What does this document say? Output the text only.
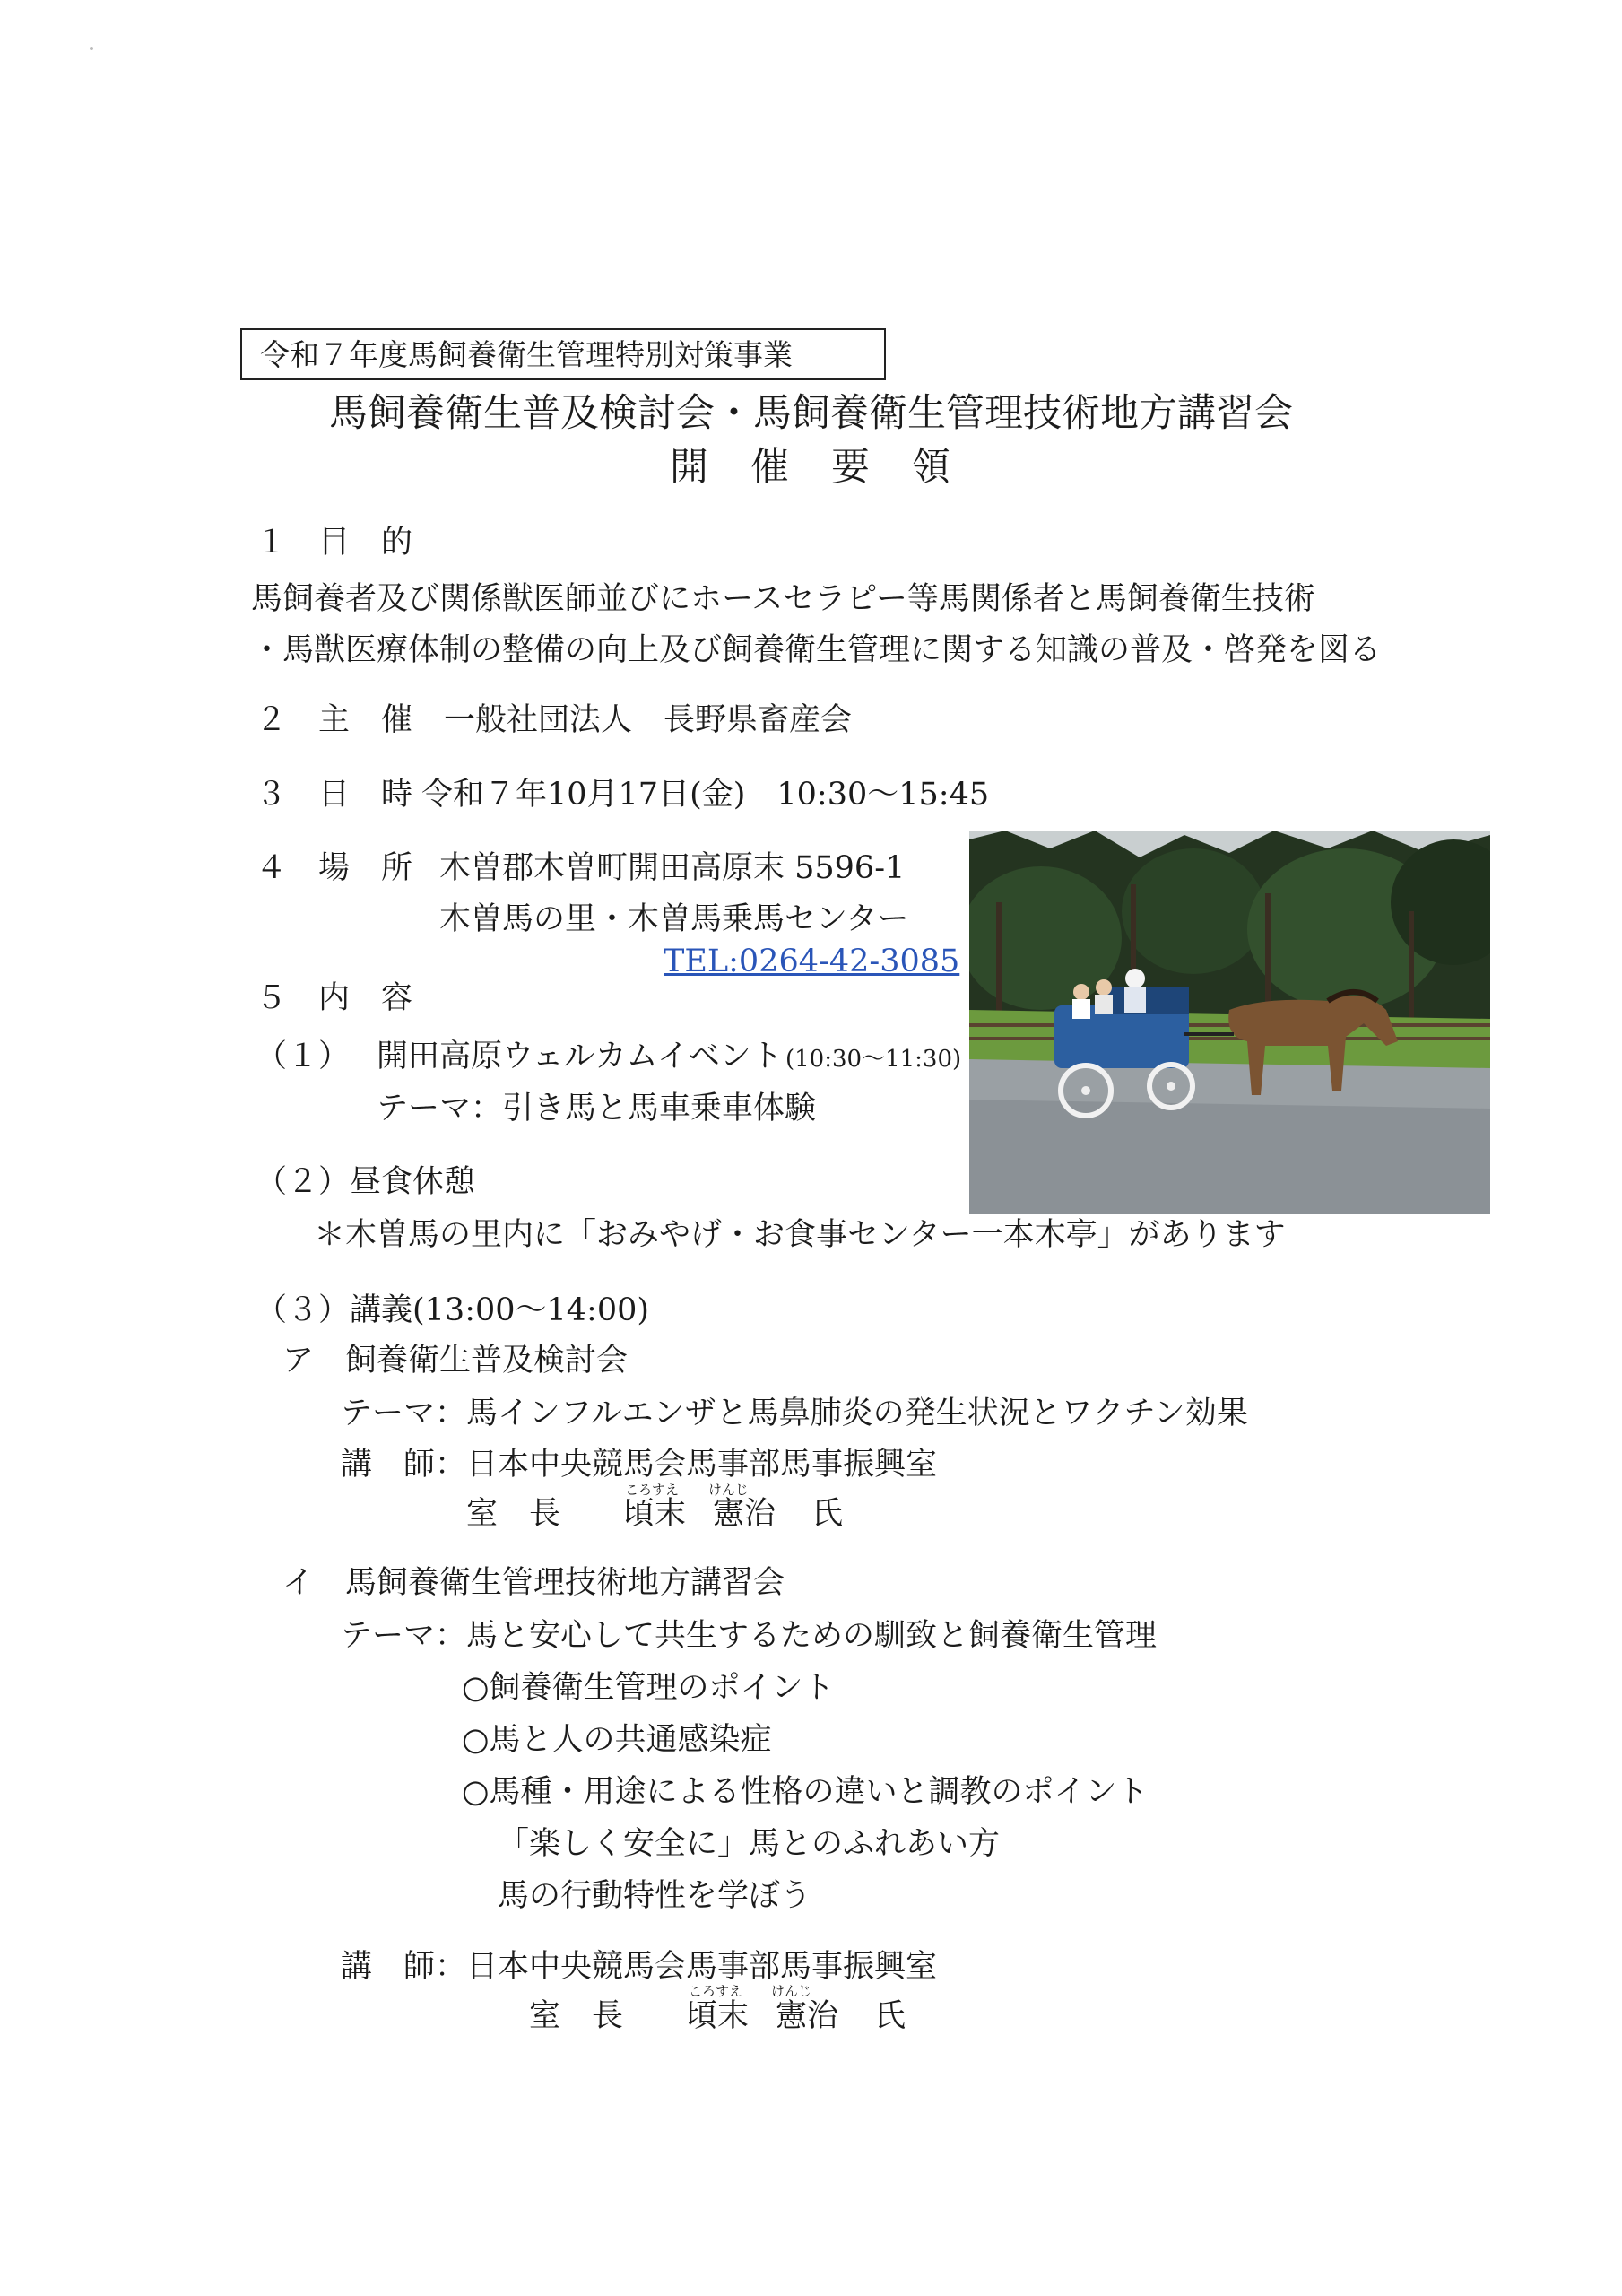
令和７年度馬飼養衛生管理特別対策事業
馬飼養衛生普及検討会・馬飼養衛生管理技術地方講習会
開　催　要　領
１　目　的
馬飼養者及び関係獣医師並びにホースセラピー等馬関係者と馬飼養衛生技術
・馬獣医療体制の整備の向上及び飼養衛生管理に関する知識の普及・啓発を図る
２　主　催　一般社団法人　長野県畜産会
３　日　時 令和７年10月17日(金)　10:30～15:45
４　場　所 木曽郡木曽町開田高原末 5596-1
木曽馬の里・木曽馬乗馬センター
TEL:0264-42-3085
５　内　容
（１） 開田高原ウェルカムイベント (10:30～11:30)
テーマ：引き馬と馬車乗車体験
（２）昼食休憩
＊木曽馬の里内に「おみやげ・お食事センター一本木亭」があります
（３）講義(13:00～14:00)
ア　飼養衛生普及検討会
テーマ：馬インフルエンザと馬鼻肺炎の発生状況とワクチン効果
講　師：日本中央競馬会馬事部馬事振興室
ころすえ けんじ
室　長 頃末 憲治 氏
イ　馬飼養衛生管理技術地方講習会
テーマ：馬と安心して共生するための馴致と飼養衛生管理
○飼養衛生管理のポイント
○馬と人の共通感染症
○馬種・用途による性格の違いと調教のポイント
「楽しく安全に」馬とのふれあい方
馬の行動特性を学ぼう
講　師：日本中央競馬会馬事部馬事振興室
ころすえ けんじ
室　長 頃末 憲治 氏
